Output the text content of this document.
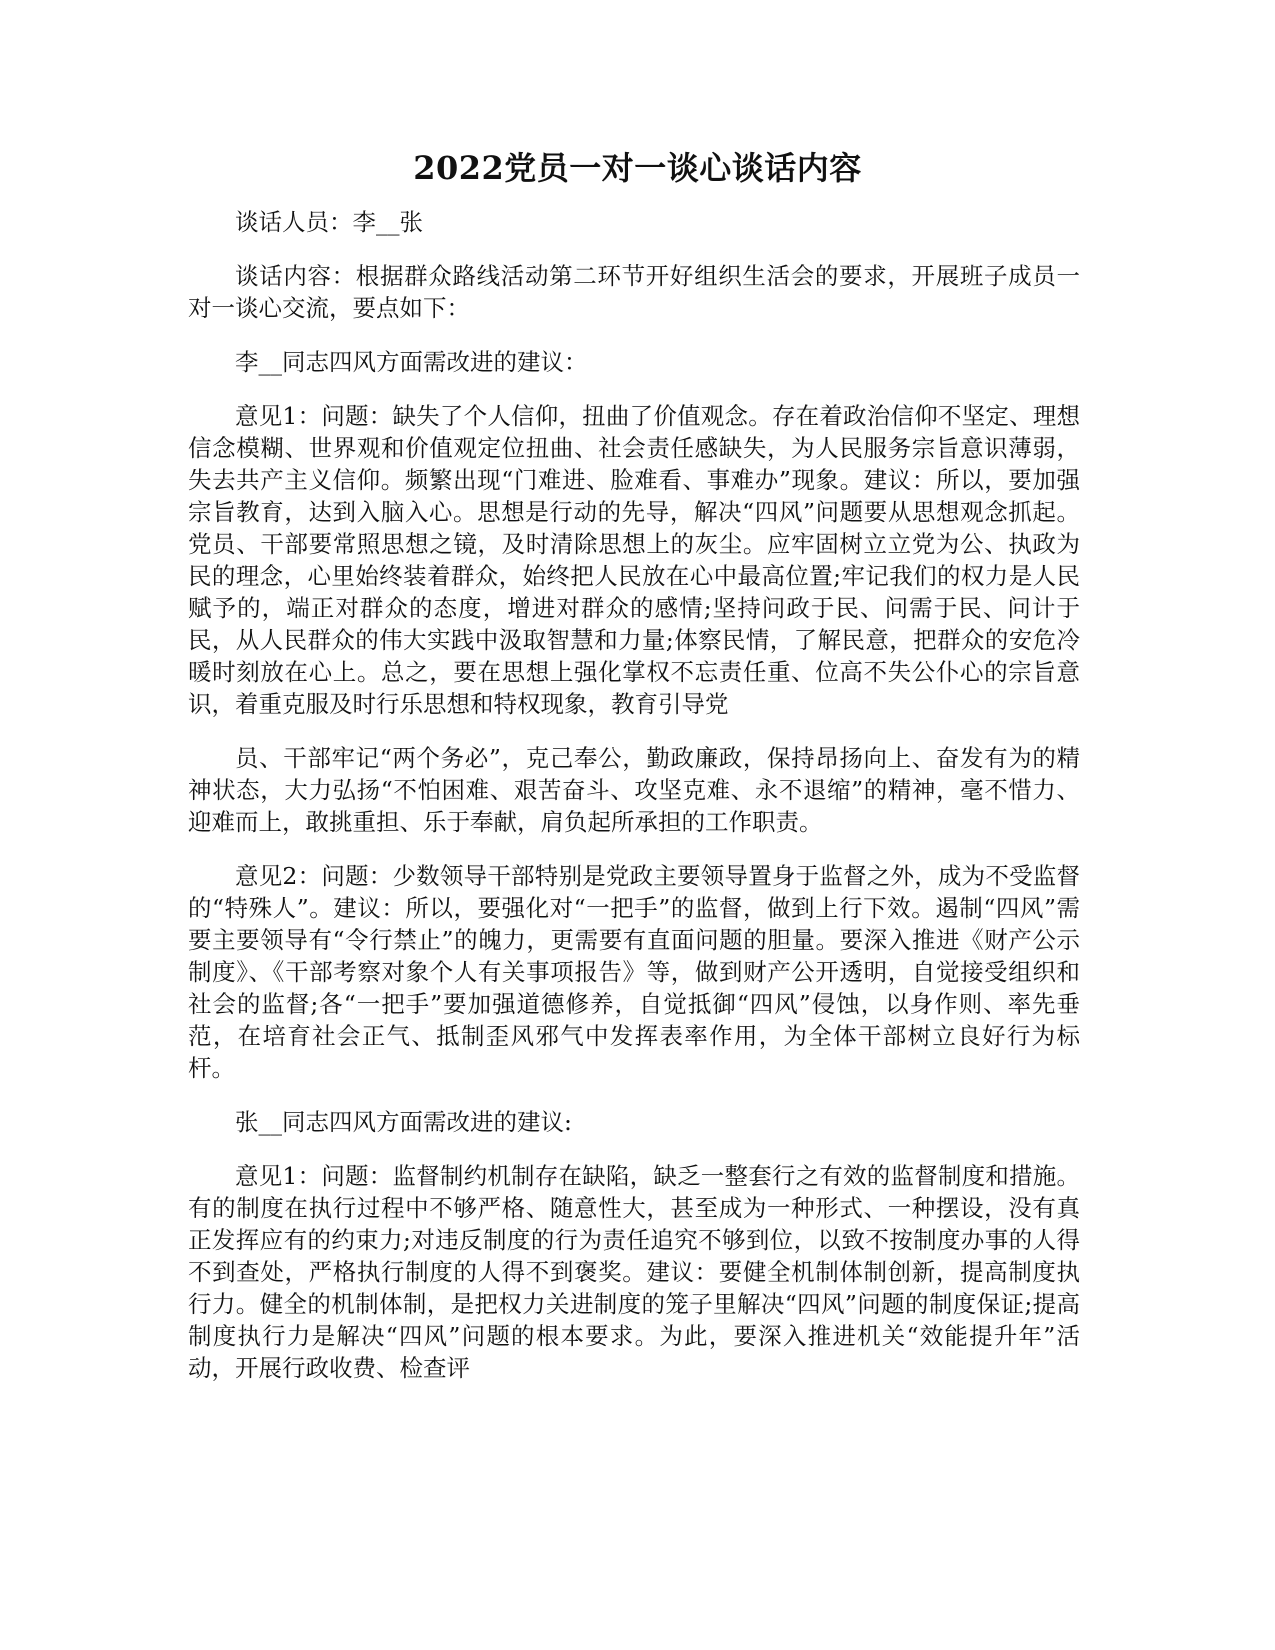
2022党员一对一谈心谈话内容

谈话人员：李__张

谈话内容：根据群众路线活动第二环节开好组织生活会的要求，开展班子成员一对一谈心交流，要点如下：

李__同志四风方面需改进的建议：

意见1：问题：缺失了个人信仰，扭曲了价值观念。存在着政治信仰不坚定、理想信念模糊、世界观和价值观定位扭曲、社会责任感缺失，为人民服务宗旨意识薄弱，失去共产主义信仰。频繁出现“门难进、脸难看、事难办”现象。建议：所以，要加强宗旨教育，达到入脑入心。思想是行动的先导，解决“四风”问题要从思想观念抓起。党员、干部要常照思想之镜，及时清除思想上的灰尘。应牢固树立立党为公、执政为民的理念，心里始终装着群众，始终把人民放在心中最高位置;牢记我们的权力是人民赋予的，端正对群众的态度，增进对群众的感情;坚持问政于民、问需于民、问计于民，从人民群众的伟大实践中汲取智慧和力量;体察民情，了解民意，把群众的安危冷暖时刻放在心上。总之，要在思想上强化掌权不忘责任重、位高不失公仆心的宗旨意识，着重克服及时行乐思想和特权现象，教育引导党

员、干部牢记“两个务必”，克己奉公，勤政廉政，保持昂扬向上、奋发有为的精神状态，大力弘扬“不怕困难、艰苦奋斗、攻坚克难、永不退缩”的精神，毫不惜力、迎难而上，敢挑重担、乐于奉献，肩负起所承担的工作职责。

意见2：问题：少数领导干部特别是党政主要领导置身于监督之外，成为不受监督的“特殊人”。建议：所以，要强化对“一把手”的监督，做到上行下效。遏制“四风”需要主要领导有“令行禁止”的魄力，更需要有直面问题的胆量。要深入推进《财产公示制度》、《干部考察对象个人有关事项报告》等，做到财产公开透明，自觉接受组织和社会的监督;各“一把手”要加强道德修养，自觉抵御“四风”侵蚀，以身作则、率先垂范，在培育社会正气、抵制歪风邪气中发挥表率作用，为全体干部树立良好行为标杆。

张__同志四风方面需改进的建议:

意见1：问题：监督制约机制存在缺陷，缺乏一整套行之有效的监督制度和措施。有的制度在执行过程中不够严格、随意性大，甚至成为一种形式、一种摆设，没有真正发挥应有的约束力;对违反制度的行为责任追究不够到位，以致不按制度办事的人得不到查处，严格执行制度的人得不到褒奖。建议：要健全机制体制创新，提高制度执行力。健全的机制体制，是把权力关进制度的笼子里解决“四风”问题的制度保证;提高制度执行力是解决“四风”问题的根本要求。为此，要深入推进机关“效能提升年”活动，开展行政收费、检查评
